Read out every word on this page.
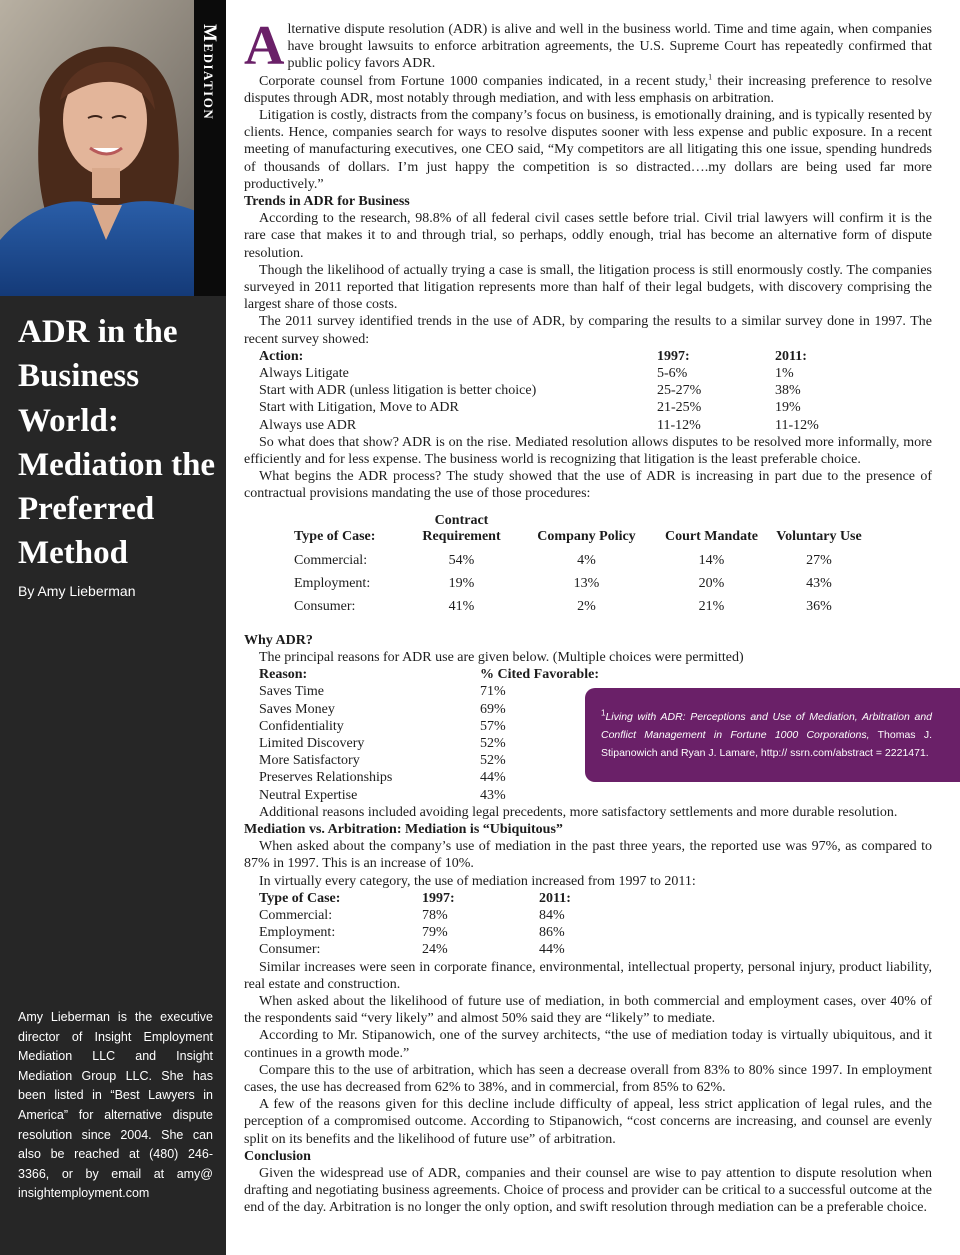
Mediation
ADR in the Business World: Mediation the Preferred Method
By Amy Lieberman
Amy Lieberman is the executive director of Insight Employment Mediation LLC and Insight Mediation Group LLC. She has been listed in “Best Lawyers in America” for alternative dispute resolution since 2004. She can also be reached at (480) 246-3366, or by email at amy@ insightemployment.com

Alternative dispute resolution (ADR) is alive and well in the business world. Time and time again, when companies have brought lawsuits to enforce arbitration agreements, the U.S. Supreme Court has repeatedly confirmed that public policy favors ADR.

Corporate counsel from Fortune 1000 companies indicated, in a recent study,$^1$ their increasing preference to resolve disputes through ADR, most notably through mediation, and with less emphasis on arbitration.

Litigation is costly, distracts from the company’s focus on business, is emotionally draining, and is typically resented by clients. Hence, companies search for ways to resolve disputes sooner with less expense and public exposure. In a recent meeting of manufacturing executives, one CEO said, “My competitors are all litigating this one issue, spending hundreds of thousands of dollars. I’m just happy the competition is so distracted….my dollars are being used far more productively.”

Trends in ADR for Business

According to the research, 98.8% of all federal civil cases settle before trial. Civil trial lawyers will confirm it is the rare case that makes it to and through trial, so perhaps, oddly enough, trial has become an alternative form of dispute resolution.

Though the likelihood of actually trying a case is small, the litigation process is still enormously costly. The companies surveyed in 2011 reported that litigation represents more than half of their legal budgets, with discovery comprising the largest share of those costs.

The 2011 survey identified trends in the use of ADR, by comparing the results to a similar survey done in 1997. The recent survey showed:

Action:	1997:	2011:
Always Litigate	5-6%	1%
Start with ADR (unless litigation is better choice)	25-27%	38%
Start with Litigation, Move to ADR	21-25%	19%
Always use ADR	11-12%	11-12%

So what does that show? ADR is on the rise. Mediated resolution allows disputes to be resolved more informally, more efficiently and for less expense. The business world is recognizing that litigation is the least preferable choice.

What begins the ADR process? The study showed that the use of ADR is increasing in part due to the presence of contractual provisions mandating the use of those procedures:

Type of Case:	Contract Requirement	Company Policy	Court Mandate	Voluntary Use
Commercial:	54%	4%	14%	27%
Employment:	19%	13%	20%	43%
Consumer:	41%	2%	21%	36%

Why ADR?

The principal reasons for ADR use are given below. (Multiple choices were permitted)

Reason:	% Cited Favorable:
Saves Time	71%
Saves Money	69%
Confidentiality	57%
Limited Discovery	52%
More Satisfactory	52%
Preserves Relationships	44%
Neutral Expertise	43%

Additional reasons included avoiding legal precedents, more satisfactory settlements and more durable resolution.

Mediation vs. Arbitration: Mediation is “Ubiquitous”

When asked about the company’s use of mediation in the past three years, the reported use was 97%, as compared to 87% in 1997. This is an increase of 10%.

In virtually every category, the use of mediation increased from 1997 to 2011:

Type of Case:	1997:	2011:
Commercial:	78%	84%
Employment:	79%	86%
Consumer:	24%	44%

Similar increases were seen in corporate finance, environmental, intellectual property, personal injury, product liability, real estate and construction.

When asked about the likelihood of future use of mediation, in both commercial and employment cases, over 40% of the respondents said “very likely” and almost 50% said they are “likely” to mediate.

According to Mr. Stipanowich, one of the survey architects, “the use of mediation today is virtually ubiquitous, and it continues in a growth mode.”

Compare this to the use of arbitration, which has seen a decrease overall from 83% to 80% since 1997. In employment cases, the use has decreased from 62% to 38%, and in commercial, from 85% to 62%.

A few of the reasons given for this decline include difficulty of appeal, less strict application of legal rules, and the perception of a compromised outcome. According to Stipanowich, “cost concerns are increasing, and counsel are evenly split on its benefits and the likelihood of future use” of arbitration.

Conclusion

Given the widespread use of ADR, companies and their counsel are wise to pay attention to dispute resolution when drafting and negotiating business agreements. Choice of process and provider can be critical to a successful outcome at the end of the day. Arbitration is no longer the only option, and swift resolution through mediation can be a preferable choice.

$^1$Living with ADR: Perceptions and Use of Mediation, Arbitration and Conflict Management in Fortune 1000 Corporations, Thomas J. Stipanowich and Ryan J. Lamare, http:// ssrn.com/abstract = 2221471.
